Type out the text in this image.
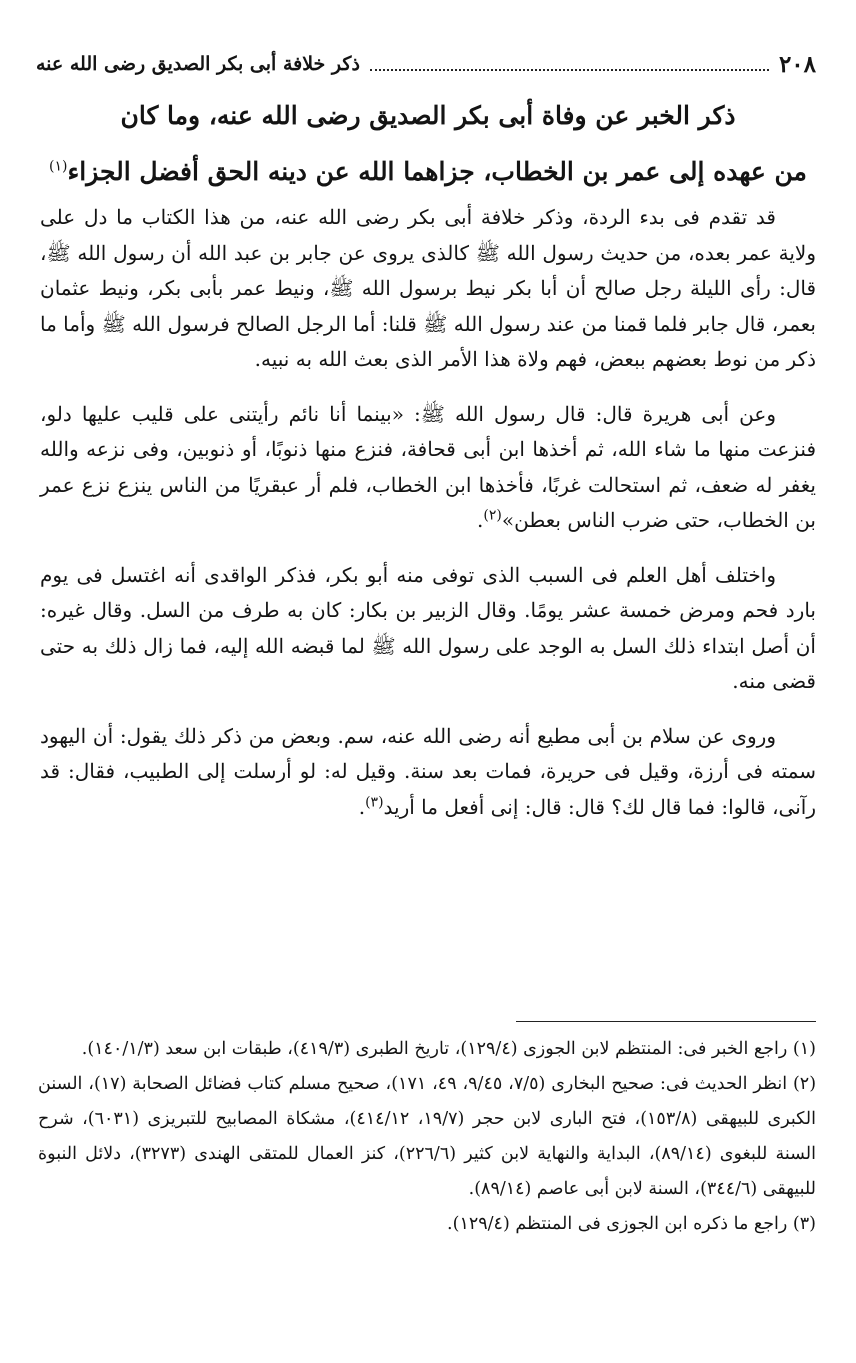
٢٠٨
ذكر خلافة أبى بكر الصديق رضى الله عنه
ذكر الخبر عن وفاة أبى بكر الصديق رضى الله عنه، وما كان
من عهده إلى عمر بن الخطاب، جزاهما الله عن دينه الحق أفضل الجزاء$^{(١)}$

قد تقدم فى بدء الردة، وذكر خلافة أبى بكر رضى الله عنه، من هذا الكتاب ما دل على ولاية عمر بعده، من حديث رسول الله ﷺ كالذى يروى عن جابر بن عبد الله أن رسول الله ﷺ، قال: رأى الليلة رجل صالح أن أبا بكر نيط برسول الله ﷺ، ونيط عمر بأبى بكر، ونيط عثمان بعمر، قال جابر فلما قمنا من عند رسول الله ﷺ قلنا: أما الرجل الصالح فرسول الله ﷺ وأما ما ذكر من نوط بعضهم ببعض، فهم ولاة هذا الأمر الذى بعث الله به نبيه.

وعن أبى هريرة قال: قال رسول الله ﷺ: «بينما أنا نائم رأيتنى على قليب عليها دلو، فنزعت منها ما شاء الله، ثم أخذها ابن أبى قحافة، فنزع منها ذنوبًا، أو ذنوبين، وفى نزعه والله يغفر له ضعف، ثم استحالت غربًا، فأخذها ابن الخطاب، فلم أر عبقريًا من الناس ينزع نزع عمر بن الخطاب، حتى ضرب الناس بعطن»$^{(٢)}$.

واختلف أهل العلم فى السبب الذى توفى منه أبو بكر، فذكر الواقدى أنه اغتسل فى يوم بارد فحم ومرض خمسة عشر يومًا. وقال الزبير بن بكار: كان به طرف من السل. وقال غيره: أن أصل ابتداء ذلك السل به الوجد على رسول الله ﷺ لما قبضه الله إليه، فما زال ذلك به حتى قضى منه.

وروى عن سلام بن أبى مطيع أنه رضى الله عنه، سم. وبعض من ذكر ذلك يقول: أن اليهود سمته فى أرزة، وقيل فى حريرة، فمات بعد سنة. وقيل له: لو أرسلت إلى الطبيب، فقال: قد رآنى، قالوا: فما قال لك؟ قال: قال: إنى أفعل ما أريد$^{(٣)}$.

(١) راجع الخبر فى: المنتظم لابن الجوزى (١٢٩/٤)، تاريخ الطبرى (٤١٩/٣)، طبقات ابن سعد (١٤٠/١/٣).

(٢) انظر الحديث فى: صحيح البخارى (٧/٥، ٩/٤٥، ٤٩، ١٧١)، صحيح مسلم كتاب فضائل الصحابة (١٧)، السنن الكبرى للبيهقى (١٥٣/٨)، فتح البارى لابن حجر (١٩/٧، ٤١٤/١٢)، مشكاة المصابيح للتبريزى (٦٠٣١)، شرح السنة للبغوى (٨٩/١٤)، البداية والنهاية لابن كثير (٢٢٦/٦)، كنز العمال للمتقى الهندى (٣٢٧٣)، دلائل النبوة للبيهقى (٣٤٤/٦)، السنة لابن أبى عاصم (٨٩/١٤).

(٣) راجع ما ذكره ابن الجوزى فى المنتظم (١٢٩/٤).
